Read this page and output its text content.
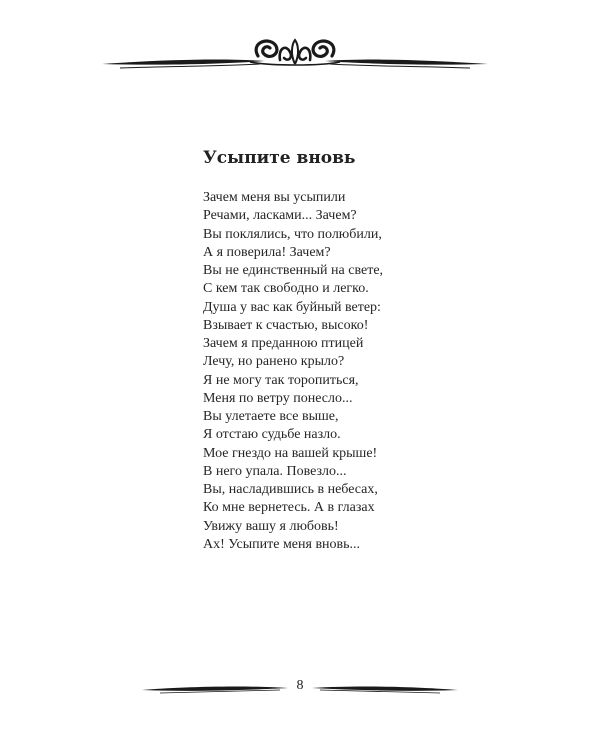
Усыпите вновь
Зачем меня вы усыпили
Речами, ласками... Зачем?
Вы поклялись, что полюбили,
А я поверила! Зачем?
Вы не единственный на свете,
С кем так свободно и легко.
Душа у вас как буйный ветер:
Взывает к счастью, высоко!
Зачем я преданною птицей
Лечу, но ранено крыло?
Я не могу так торопиться,
Меня по ветру понесло...
Вы улетаете все выше,
Я отстаю судьбе назло.
Мое гнездо на вашей крыше!
В него упала. Повезло...
Вы, насладившись в небесах,
Ко мне вернетесь. А в глазах
Увижу вашу я любовь!
Ах! Усыпите меня вновь...
8
